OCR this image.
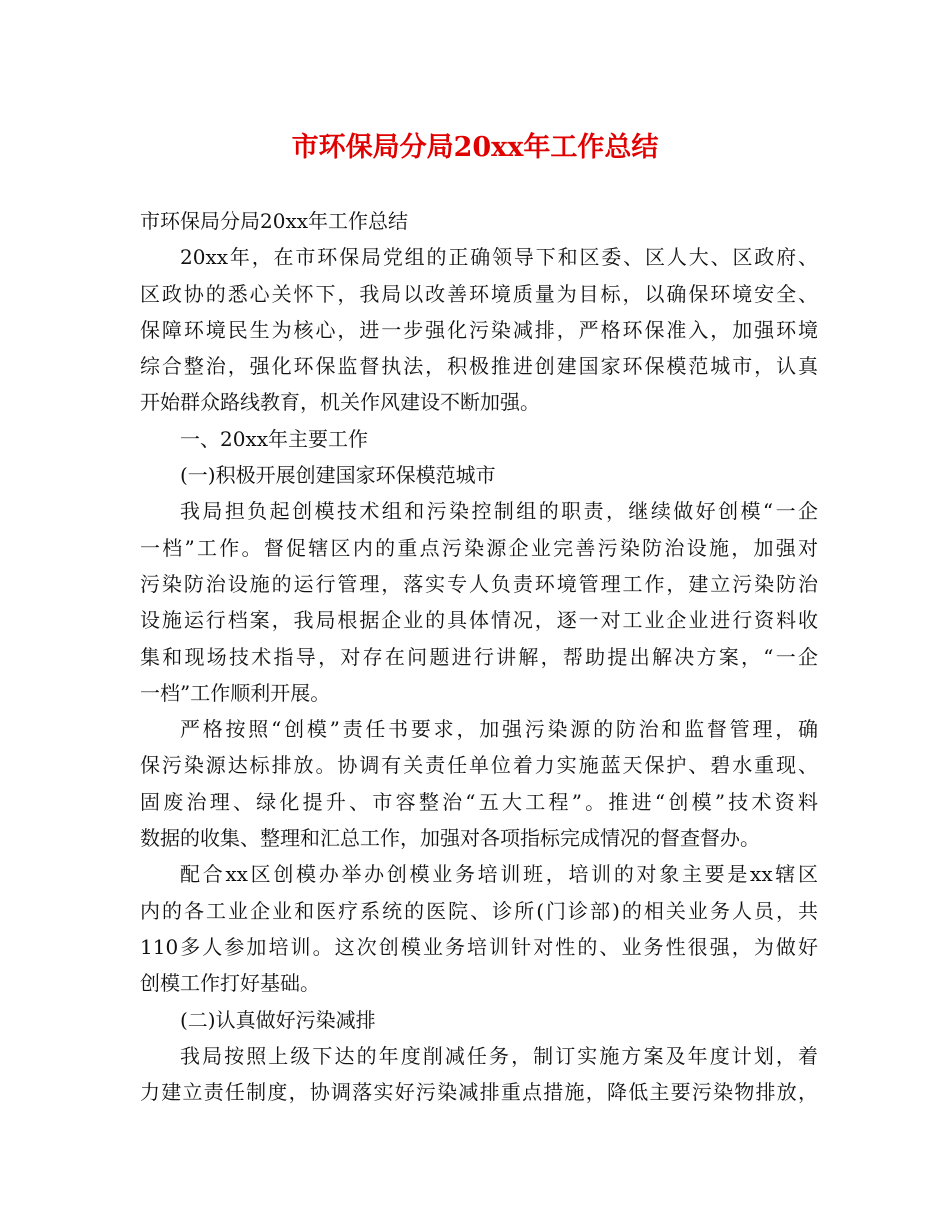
市环保局分局20xx年工作总结

市环保局分局20xx年工作总结

20xx年，在市环保局党组的正确领导下和区委、区人大、区政府、
区政协的悉心关怀下，我局以改善环境质量为目标，以确保环境安全、
保障环境民生为核心，进一步强化污染减排，严格环保准入，加强环境
综合整治，强化环保监督执法，积极推进创建国家环保模范城市，认真
开始群众路线教育，机关作风建设不断加强。

一、20xx年主要工作

(一)积极开展创建国家环保模范城市

我局担负起创模技术组和污染控制组的职责，继续做好创模“一企
一档”工作。督促辖区内的重点污染源企业完善污染防治设施，加强对
污染防治设施的运行管理，落实专人负责环境管理工作，建立污染防治
设施运行档案，我局根据企业的具体情况，逐一对工业企业进行资料收
集和现场技术指导，对存在问题进行讲解，帮助提出解决方案，“一企
一档”工作顺利开展。

严格按照“创模”责任书要求，加强污染源的防治和监督管理，确
保污染源达标排放。协调有关责任单位着力实施蓝天保护、碧水重现、
固废治理、绿化提升、市容整治“五大工程”。推进“创模”技术资料
数据的收集、整理和汇总工作，加强对各项指标完成情况的督查督办。

配合xx区创模办举办创模业务培训班，培训的对象主要是xx辖区
内的各工业企业和医疗系统的医院、诊所(门诊部)的相关业务人员，共
110多人参加培训。这次创模业务培训针对性的、业务性很强，为做好
创模工作打好基础。

(二)认真做好污染减排

我局按照上级下达的年度削减任务，制订实施方案及年度计划，着
力建立责任制度，协调落实好污染减排重点措施，降低主要污染物排放，
